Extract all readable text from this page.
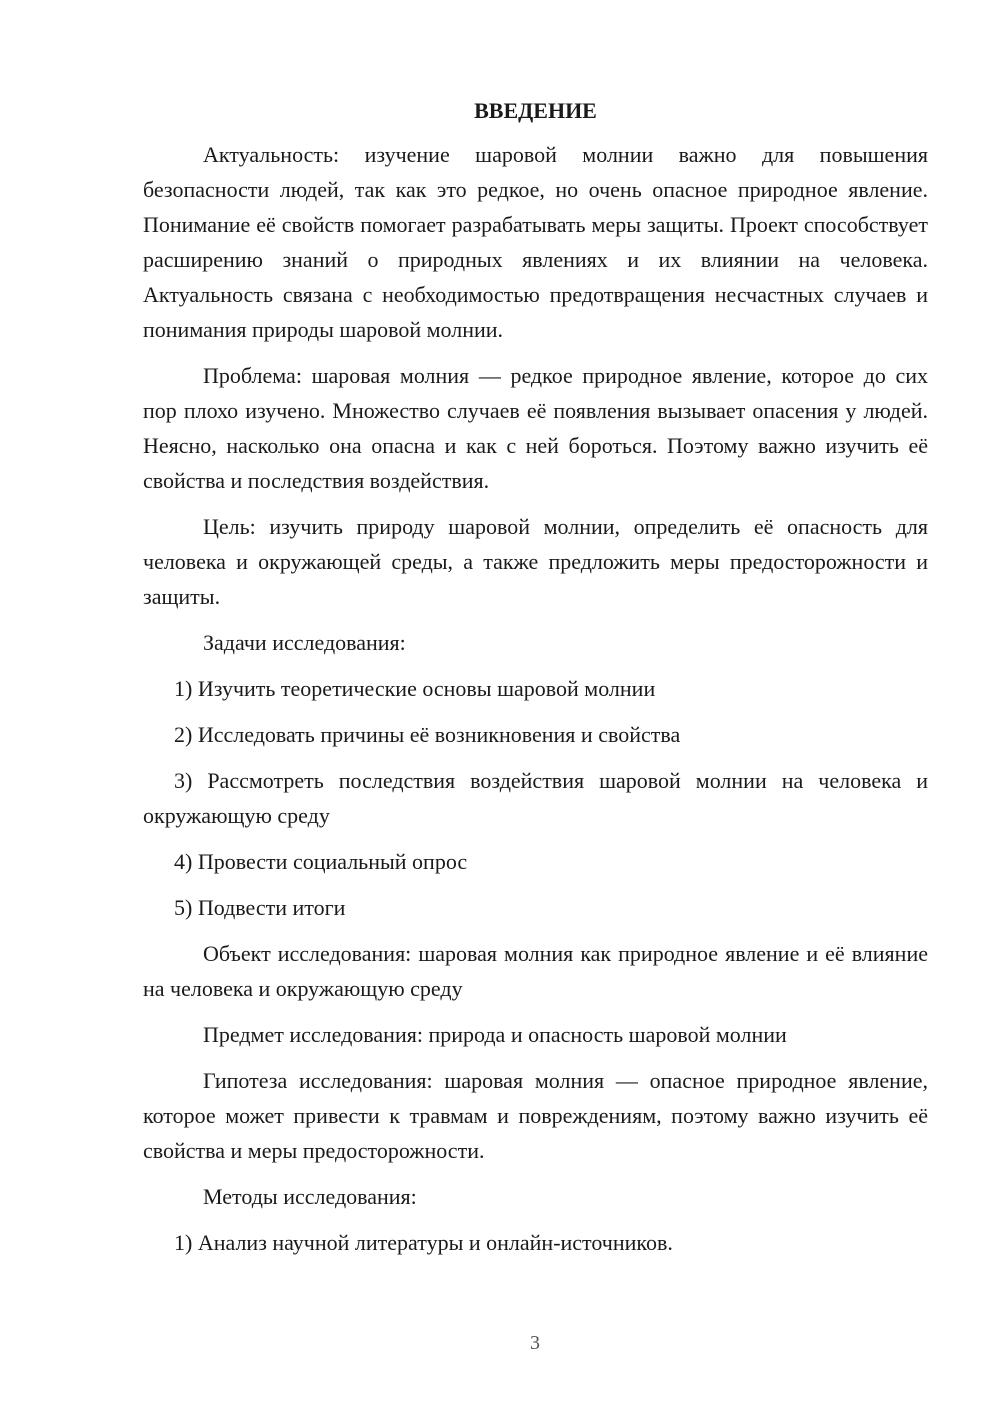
ВВЕДЕНИЕ

Актуальность: изучение шаровой молнии важно для повышения безопасности людей, так как это редкое, но очень опасное природное явление. Понимание её свойств помогает разрабатывать меры защиты. Проект способствует расширению знаний о природных явлениях и их влиянии на человека. Актуальность связана с необходимостью предотвращения несчастных случаев и понимания природы шаровой молнии.

Проблема: шаровая молния — редкое природное явление, которое до сих пор плохо изучено. Множество случаев её появления вызывает опасения у людей. Неясно, насколько она опасна и как с ней бороться. Поэтому важно изучить её свойства и последствия воздействия.

Цель: изучить природу шаровой молнии, определить её опасность для человека и окружающей среды, а также предложить меры предосторожности и защиты.

Задачи исследования:

1) Изучить теоретические основы шаровой молнии

2) Исследовать причины её возникновения и свойства

3) Рассмотреть последствия воздействия шаровой молнии на человека и окружающую среду

4) Провести социальный опрос

5) Подвести итоги

Объект исследования: шаровая молния как природное явление и её влияние на человека и окружающую среду

Предмет исследования: природа и опасность шаровой молнии

Гипотеза исследования: шаровая молния — опасное природное явление, которое может привести к травмам и повреждениям, поэтому важно изучить её свойства и меры предосторожности.

Методы исследования:

1) Анализ научной литературы и онлайн-источников.

3
